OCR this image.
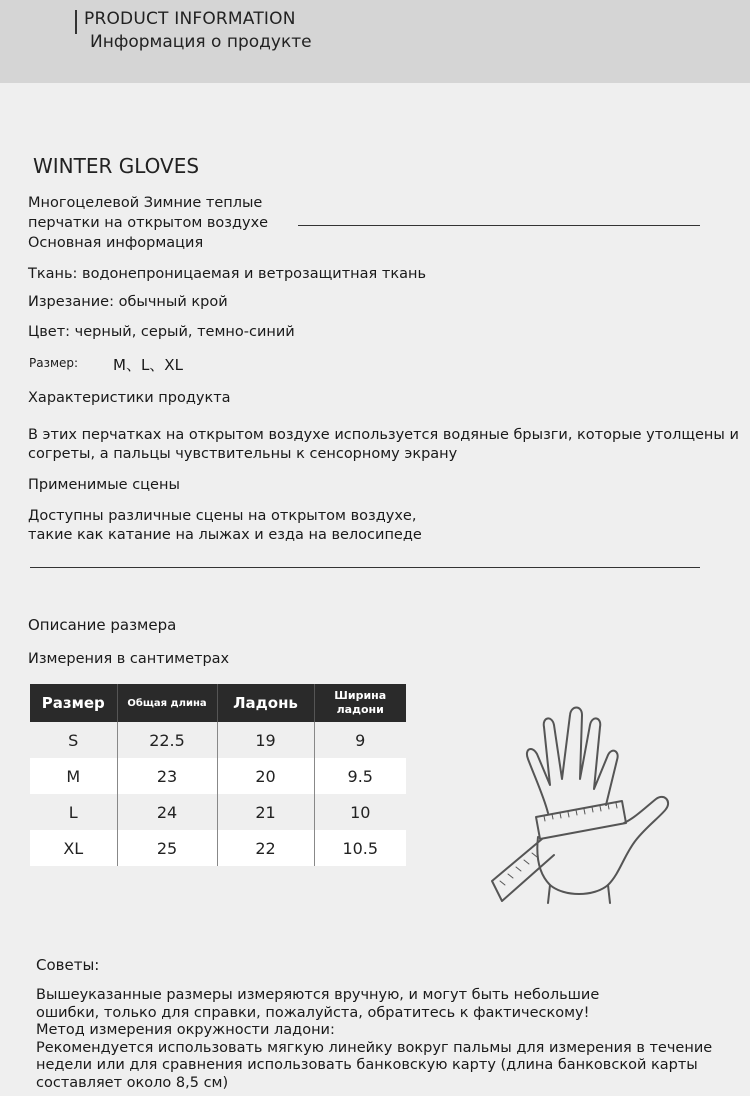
PRODUCT INFORMATION
Информация о продукте
WINTER GLOVES
Многоцелевой Зимние теплые
перчатки на открытом воздухе
Основная информация
Ткань: водонепроницаемая и ветрозащитная ткань
Изрезание: обычный крой
Цвет: черный, серый, темно-синий
Размер: M、L、XL
Характеристики продукта
В этих перчатках на открытом воздухе используется водяные брызги, которые утолщены и
согреты, а пальцы чувствительны к сенсорному экрану
Применимые сцены
Доступны различные сцены на открытом воздухе,
такие как катание на лыжах и езда на велосипеде
Описание размера
Измерения в сантиметрах
Размер	Общая длина	Ладонь	Ширина
ладони

S	22.5	19	9
M	23	20	9.5
L	24	21	10
XL	25	22	10.5
Советы:
Вышеуказанные размеры измеряются вручную, и могут быть небольшие
ошибки, только для справки, пожалуйста, обратитесь к фактическому!
Метод измерения окружности ладони:
Рекомендуется использовать мягкую линейку вокруг пальмы для измерения в течение
недели или для сравнения использовать банковскую карту (длина банковской карты
составляет около 8,5 см)
